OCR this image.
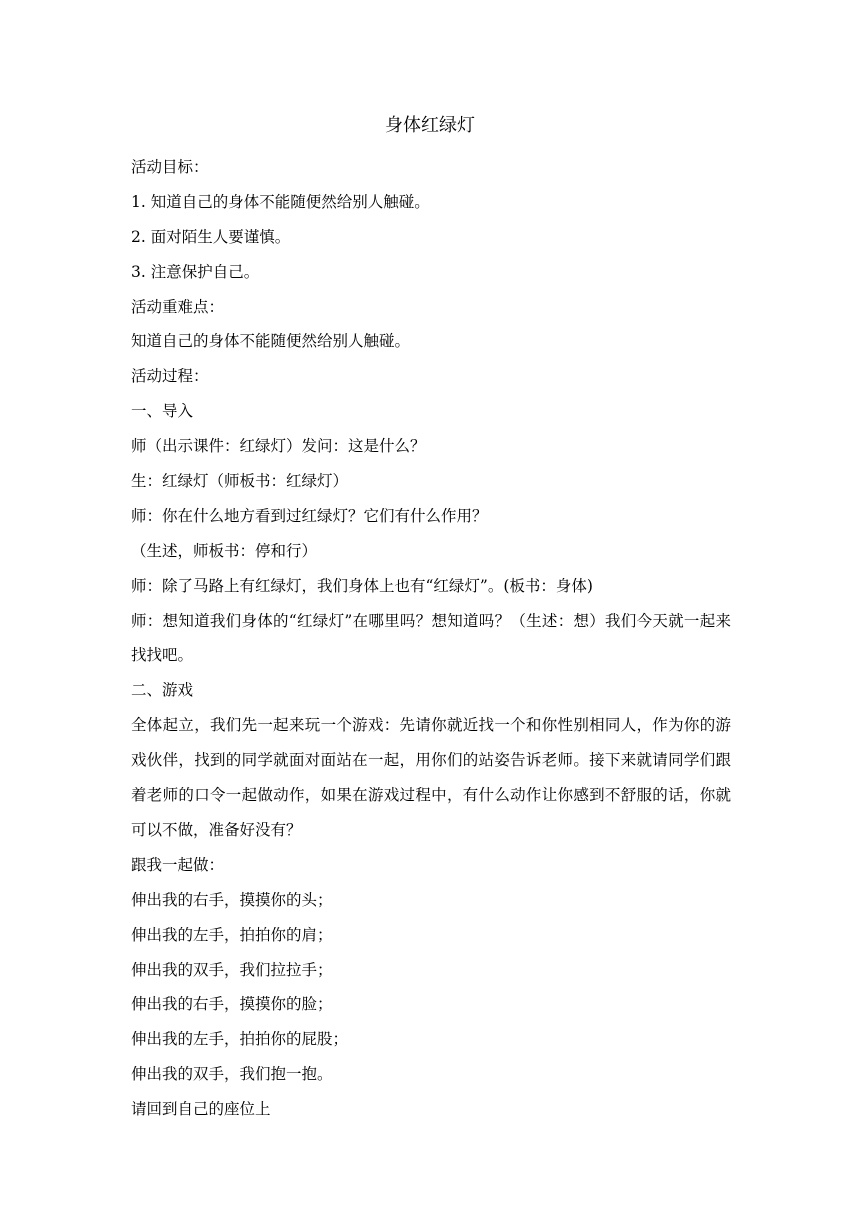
身体红绿灯
活动目标：
1. 知道自己的身体不能随便然给别人触碰。
2. 面对陌生人要谨慎。
3. 注意保护自己。
活动重难点：
知道自己的身体不能随便然给别人触碰。
活动过程：
一、导入
师（出示课件：红绿灯）发问：这是什么？
生：红绿灯（师板书：红绿灯）
师：你在什么地方看到过红绿灯？它们有什么作用？
（生述，师板书：停和行）
师：除了马路上有红绿灯，我们身体上也有“红绿灯”。(板书：身体)
师：想知道我们身体的“红绿灯”在哪里吗？想知道吗？（生述：想）我们今天就一起来找找吧。
二、游戏
全体起立，我们先一起来玩一个游戏：先请你就近找一个和你性别相同人，作为你的游戏伙伴，找到的同学就面对面站在一起，用你们的站姿告诉老师。接下来就请同学们跟着老师的口令一起做动作，如果在游戏过程中，有什么动作让你感到不舒服的话，你就可以不做，准备好没有？
跟我一起做：
伸出我的右手，摸摸你的头；
伸出我的左手，拍拍你的肩；
伸出我的双手，我们拉拉手；
伸出我的右手，摸摸你的脸；
伸出我的左手，拍拍你的屁股；
伸出我的双手，我们抱一抱。
请回到自己的座位上
